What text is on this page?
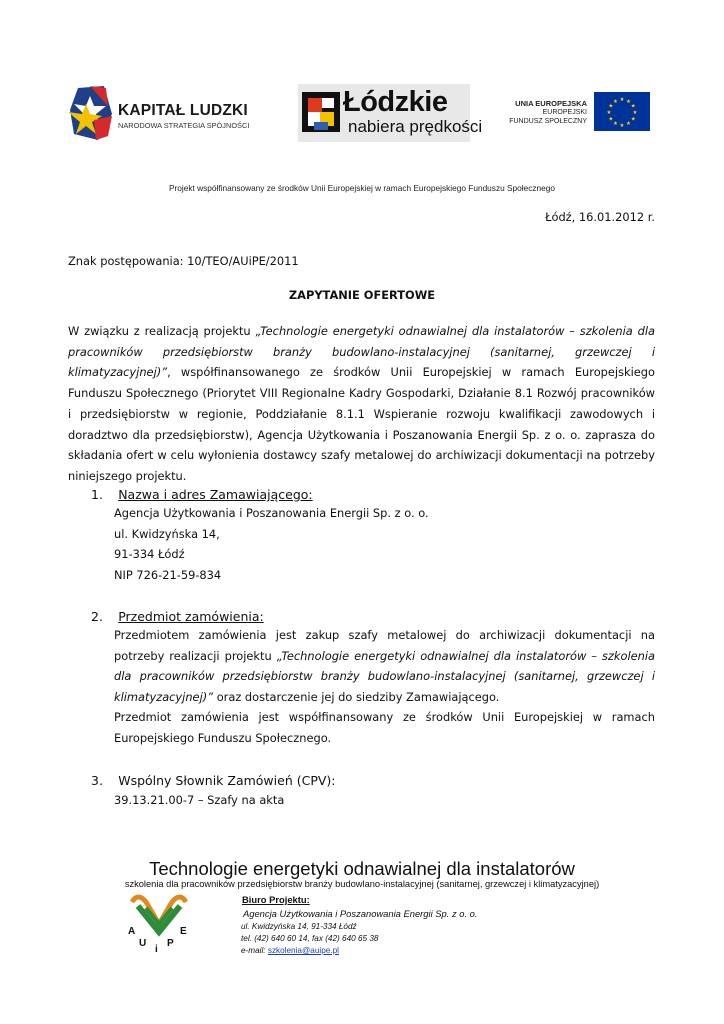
KAPITAŁ LUDZKI
NARODOWA STRATEGIA SPÓJNOŚCI
Łódzkie
nabiera prędkości
UNIA EUROPEJSKA
EUROPEJSKI
FUNDUSZ SPOŁECZNY
★ ★
★
★
★
★
★
★
★
★
★
★
Projekt współfinansowany ze środków Unii Europejskiej w ramach Europejskiego Funduszu Społecznego
Łódź, 16.01.2012 r.
Znak postępowania: 10/TEO/AUiPE/2011
ZAPYTANIE OFERTOWE
W związku z realizacją projektu „Technologie energetyki odnawialnej dla instalatorów – szkolenia dla pracowników przedsiębiorstw branży budowlano-instalacyjnej (sanitarnej, grzewczej i klimatyzacyjnej)”, współfinansowanego ze środków Unii Europejskiej w ramach Europejskiego Funduszu Społecznego (Priorytet VIII Regionalne Kadry Gospodarki, Działanie 8.1 Rozwój pracowników i przedsiębiorstw w regionie, Poddziałanie 8.1.1 Wspieranie rozwoju kwalifikacji zawodowych i doradztwo dla przedsiębiorstw), Agencja Użytkowania i Poszanowania Energii Sp. z o. o. zaprasza do składania ofert w celu wyłonienia dostawcy szafy metalowej do archiwizacji dokumentacji na potrzeby niniejszego projektu.
1. Nazwa i adres Zamawiającego:
Agencja Użytkowania i Poszanowania Energii Sp. z o. o.
ul. Kwidzyńska 14,
91-334 Łódź
NIP 726-21-59-834
2. Przedmiot zamówienia:
Przedmiotem zamówienia jest zakup szafy metalowej do archiwizacji dokumentacji na potrzeby realizacji projektu „Technologie energetyki odnawialnej dla instalatorów – szkolenia dla pracowników przedsiębiorstw branży budowlano-instalacyjnej (sanitarnej, grzewczej i klimatyzacyjnej)” oraz dostarczenie jej do siedziby Zamawiającego.
Przedmiot zamówienia jest współfinansowany ze środków Unii Europejskiej w ramach Europejskiego Funduszu Społecznego.
3. Wspólny Słownik Zamówień (CPV):
39.13.21.00-7 – Szafy na akta
Technologie energetyki odnawialnej dla instalatorów
szkolenia dla pracowników przedsiębiorstw branży budowlano-instalacyjnej (sanitarnej, grzewczej i klimatyzacyjnej)
A
U
i
P
E
Biuro Projektu:
Agencja Użytkowania i Poszanowania Energii Sp. z o. o.
ul. Kwidzyńska 14, 91-334 Łódź
tel. (42) 640 60 14, fax (42) 640 65 38
e-mail: szkolenia@auipe.pl
